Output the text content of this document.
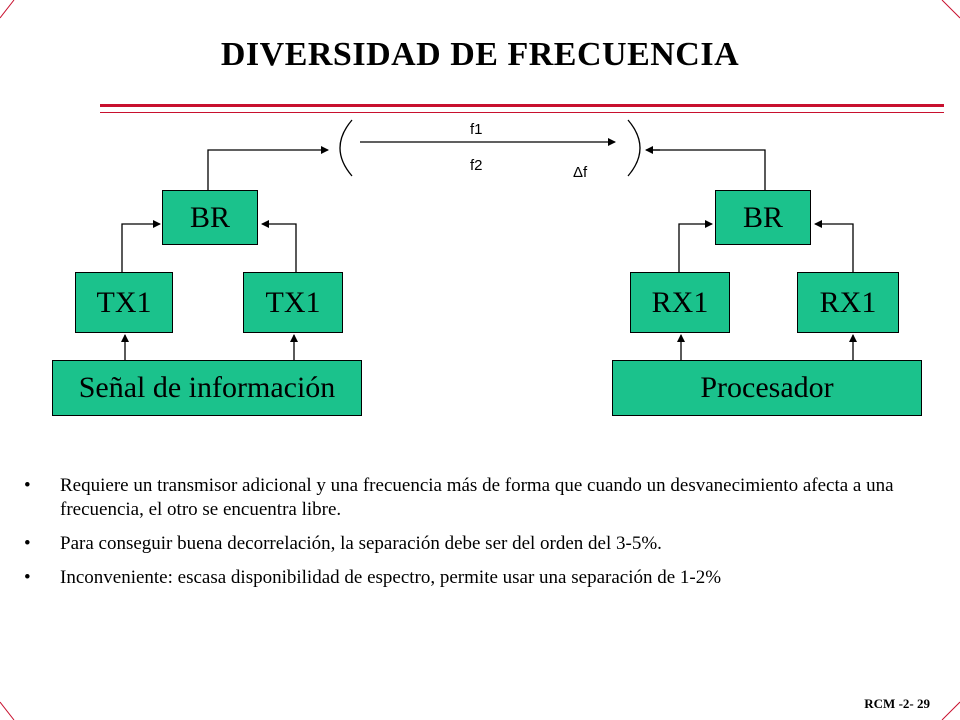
DIVERSIDAD DE FRECUENCIA
f1
f2	Δf
BR
TX1	TX1
Señal de información
BR
RX1	RX1
Procesador
• Requiere un transmisor adicional y una frecuencia más de forma que cuando un desvanecimiento afecta a una frecuencia, el otro se encuentra libre.
• Para conseguir buena decorrelación, la separación debe ser del orden del 3-5%.
• Inconveniente: escasa disponibilidad de espectro, permite usar una separación de 1-2%
RCM -2- 29
